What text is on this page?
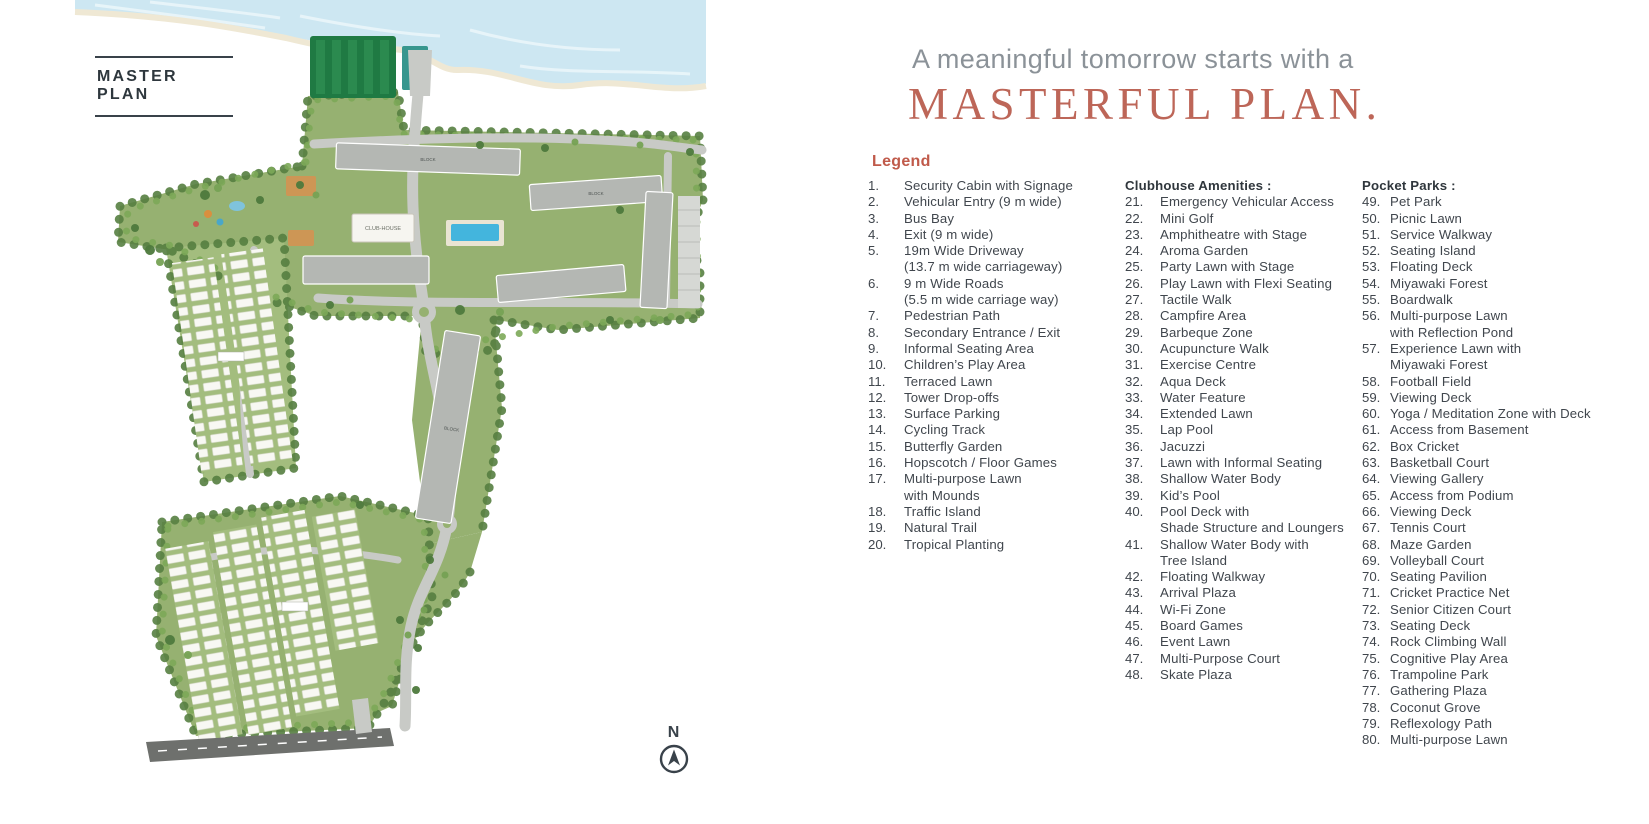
BLOCK
BLOCK
BLOCK
CLUB-HOUSE
MASTER PLAN
N
A meaningful tomorrow starts with a
MASTERFUL PLAN.
Legend
1.	Security Cabin with Signage
2.	Vehicular Entry (9 m wide)
3.	Bus Bay
4.	Exit (9 m wide)
5.	19m Wide Driveway
(13.7 m wide carriageway)
6.	9 m Wide Roads
(5.5 m wide carriage way)
7.	Pedestrian Path
8.	Secondary Entrance / Exit
9.	Informal Seating Area
10.	Children’s Play Area
11.	Terraced Lawn
12.	Tower Drop-offs
13.	Surface Parking
14.	Cycling Track
15.	Butterfly Garden
16.	Hopscotch / Floor Games
17.	Multi-purpose Lawn
with Mounds
18.	Traffic Island
19.	Natural Trail
20.	Tropical Planting
Clubhouse Amenities :
21.	Emergency Vehicular Access
22.	Mini Golf
23.	Amphitheatre with Stage
24.	Aroma Garden
25.	Party Lawn with Stage
26.	Play Lawn with Flexi Seating
27.	Tactile Walk
28.	Campfire Area
29.	Barbeque Zone
30.	Acupuncture Walk
31.	Exercise Centre
32.	Aqua Deck
33.	Water Feature
34.	Extended Lawn
35.	Lap Pool
36.	Jacuzzi
37.	Lawn with Informal Seating
38.	Shallow Water Body
39.	Kid’s Pool
40.	Pool Deck with
Shade Structure and Loungers
41.	Shallow Water Body with
Tree Island
42.	Floating Walkway
43.	Arrival Plaza
44.	Wi-Fi Zone
45.	Board Games
46.	Event Lawn
47.	Multi-Purpose Court
48.	Skate Plaza
Pocket Parks :
49. Pet Park
50. Picnic Lawn
51. Service Walkway
52. Seating Island
53. Floating Deck
54. Miyawaki Forest
55. Boardwalk
56. Multi-purpose Lawn
with Reflection Pond
57. Experience Lawn with
Miyawaki Forest
58. Football Field
59. Viewing Deck
60. Yoga / Meditation Zone with Deck
61. Access from Basement
62. Box Cricket
63. Basketball Court
64. Viewing Gallery
65. Access from Podium
66. Viewing Deck
67. Tennis Court
68. Maze Garden
69. Volleyball Court
70. Seating Pavilion
71. Cricket Practice Net
72. Senior Citizen Court
73. Seating Deck
74. Rock Climbing Wall
75. Cognitive Play Area
76. Trampoline Park
77. Gathering Plaza
78. Coconut Grove
79. Reflexology Path
80. Multi-purpose Lawn
